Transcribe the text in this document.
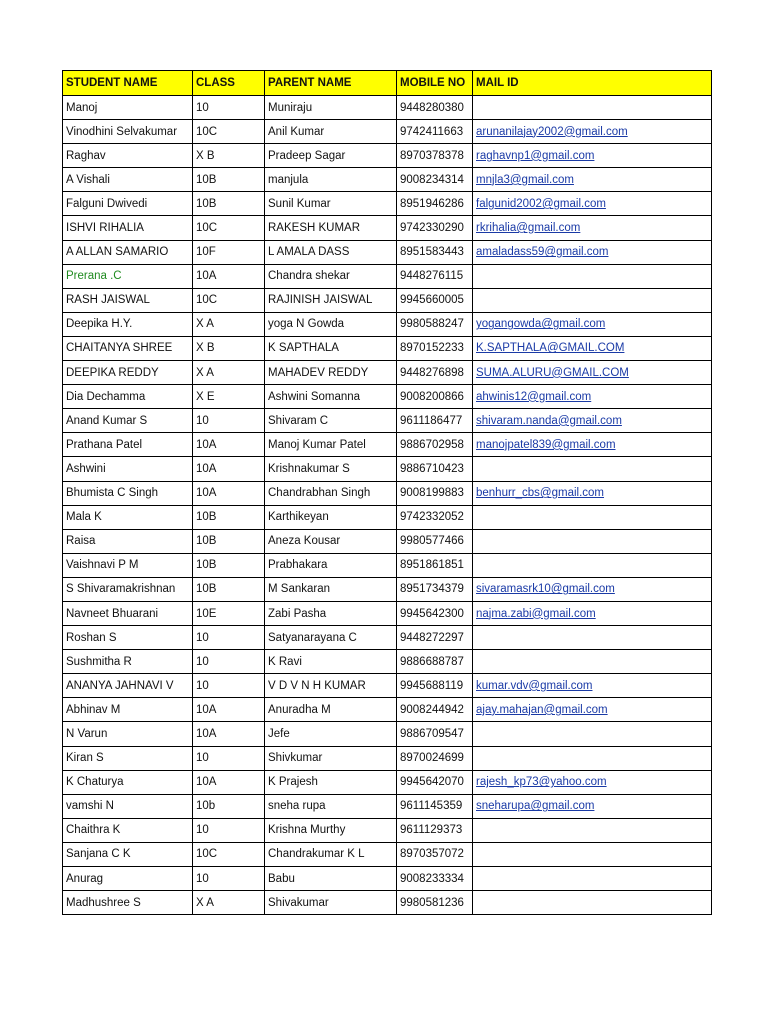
STUDENT NAME	CLASS	PARENT NAME	MOBILE NO	MAIL ID
Manoj	10	Muniraju	9448280380	
Vinodhini Selvakumar	10C	Anil Kumar	9742411663	arunanilajay2002@gmail.com
Raghav	X B	Pradeep Sagar	8970378378	raghavnp1@gmail.com
A Vishali	10B	manjula	9008234314	mnjla3@gmail.com
Falguni Dwivedi	10B	Sunil Kumar	8951946286	falgunid2002@gmail.com
ISHVI RIHALIA	10C	RAKESH KUMAR	9742330290	rkrihalia@gmail.com
A ALLAN SAMARIO	10F	L AMALA DASS	8951583443	amaladass59@gmail.com
Prerana .C	10A	Chandra shekar	9448276115	
RASH JAISWAL	10C	RAJINISH JAISWAL	9945660005	
Deepika H.Y.	X A	yoga N Gowda	9980588247	yogangowda@gmail.com
CHAITANYA SHREE	X B	K SAPTHALA	8970152233	K.SAPTHALA@GMAIL.COM
DEEPIKA REDDY	X A	MAHADEV REDDY	9448276898	SUMA.ALURU@GMAIL.COM
Dia Dechamma	X E	Ashwini Somanna	9008200866	ahwinis12@gmail.com
Anand Kumar S	10	Shivaram C	9611186477	shivaram.nanda@gmail.com
Prathana Patel	10A	Manoj Kumar Patel	9886702958	manojpatel839@gmail.com
Ashwini	10A	Krishnakumar S	9886710423	
Bhumista C Singh	10A	Chandrabhan Singh	9008199883	benhurr_cbs@gmail.com
Mala K	10B	Karthikeyan	9742332052	
Raisa	10B	Aneza Kousar	9980577466	
Vaishnavi P M	10B	Prabhakara	8951861851	
S Shivaramakrishnan	10B	M Sankaran	8951734379	sivaramasrk10@gmail.com
Navneet Bhuarani	10E	Zabi Pasha	9945642300	najma.zabi@gmail.com
Roshan S	10	Satyanarayana C	9448272297	
Sushmitha R	10	K Ravi	9886688787	
ANANYA JAHNAVI V	10	V D V N H KUMAR	9945688119	kumar.vdv@gmail.com
Abhinav M	10A	Anuradha M	9008244942	ajay.mahajan@gmail.com
N Varun	10A	Jefe	9886709547	
Kiran S	10	Shivkumar	8970024699	
K Chaturya	10A	K Prajesh	9945642070	rajesh_kp73@yahoo.com
vamshi N	10b	sneha rupa	9611145359	sneharupa@gmail.com
Chaithra K	10	Krishna Murthy	9611129373	
Sanjana C K	10C	Chandrakumar K L	8970357072	
Anurag	10	Babu	9008233334	
Madhushree S	X A	Shivakumar	9980581236	
